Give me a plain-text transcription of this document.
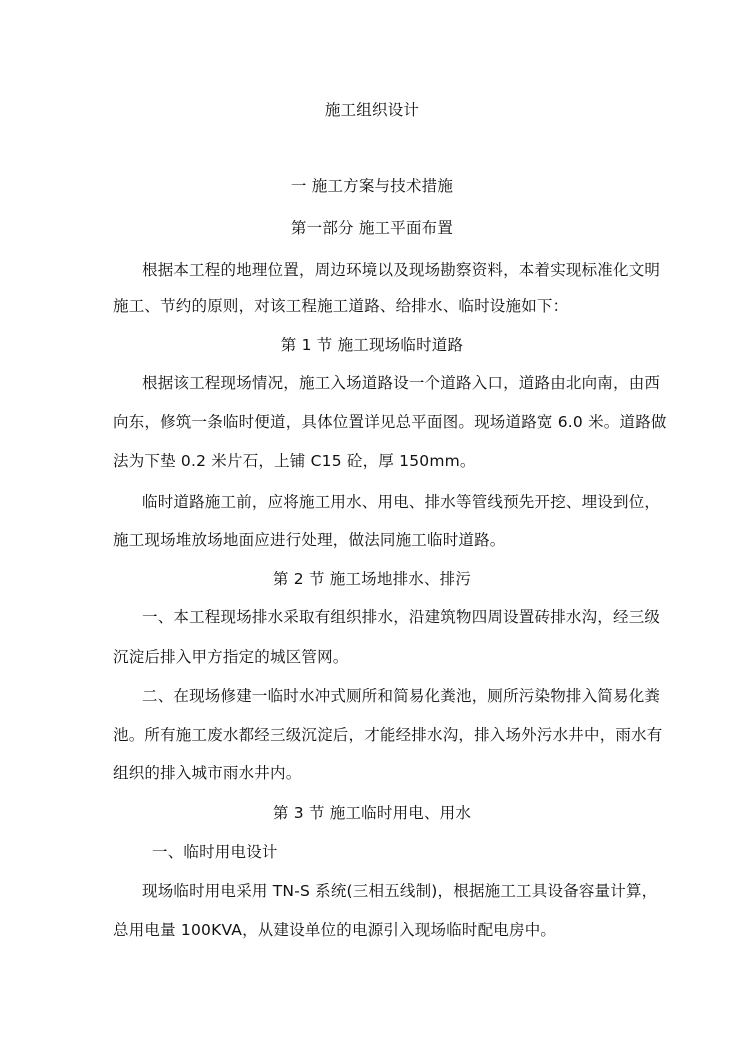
施工组织设计
一 施工方案与技术措施
第一部分 施工平面布置
根据本工程的地理位置，周边环境以及现场勘察资料，本着实现标准化文明
施工、节约的原则，对该工程施工道路、给排水、临时设施如下：
第 1 节 施工现场临时道路
根据该工程现场情况，施工入场道路设一个道路入口，道路由北向南，由西
向东，修筑一条临时便道，具体位置详见总平面图。现场道路宽 6.0 米。道路做
法为下垫 0.2 米片石，上铺 C15 砼，厚 150mm。
临时道路施工前，应将施工用水、用电、排水等管线预先开挖、埋设到位，
施工现场堆放场地面应进行处理，做法同施工临时道路。
第 2 节 施工场地排水、排污
一、本工程现场排水采取有组织排水，沿建筑物四周设置砖排水沟，经三级
沉淀后排入甲方指定的城区管网。
二、在现场修建一临时水冲式厕所和简易化粪池，厕所污染物排入简易化粪
池。所有施工废水都经三级沉淀后，才能经排水沟，排入场外污水井中，雨水有
组织的排入城市雨水井内。
第 3 节 施工临时用电、用水
一、临时用电设计
现场临时用电采用 TN-S 系统(三相五线制)，根据施工工具设备容量计算，
总用电量 100KVA，从建设单位的电源引入现场临时配电房中。
